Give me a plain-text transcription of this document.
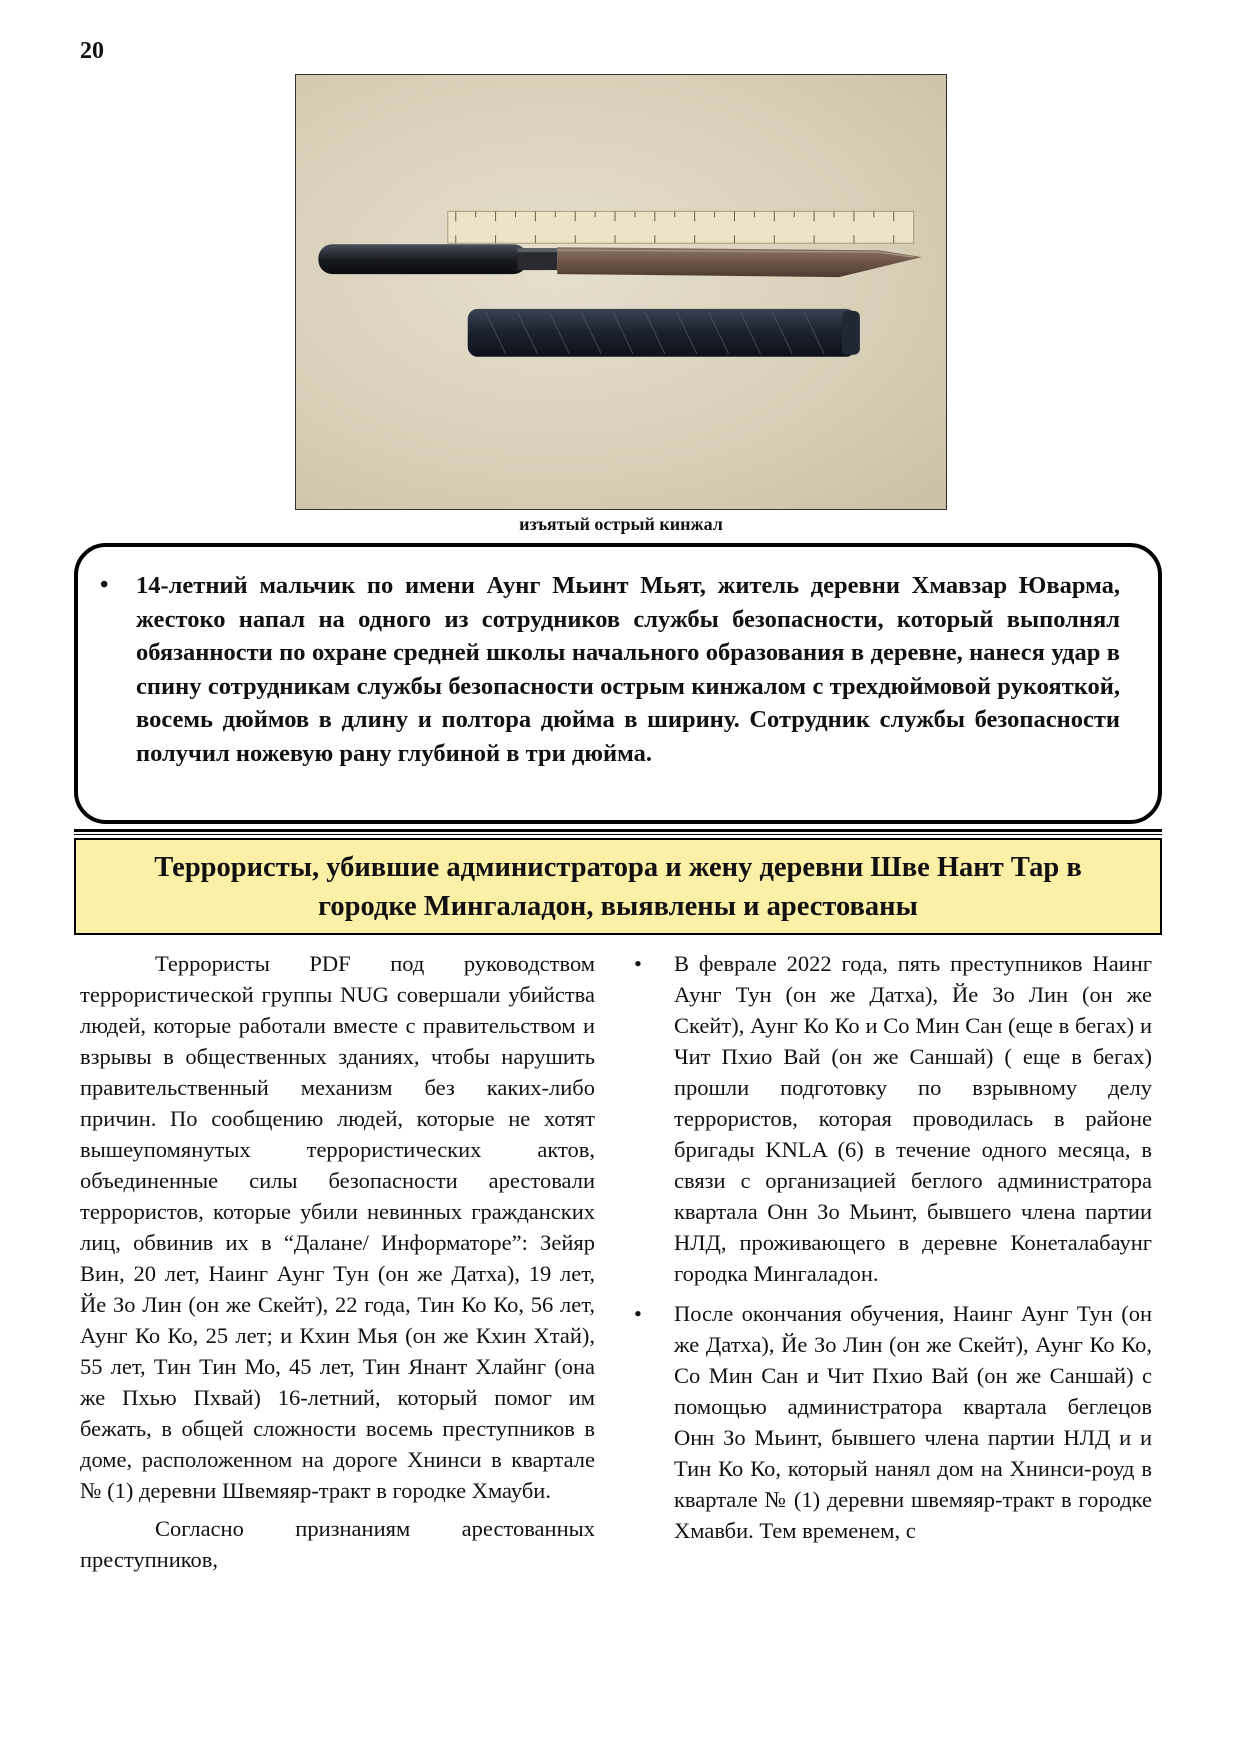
20
изъятый острый кинжал
• 14-летний мальчик по имени Аунг Мьинт Мьят, житель деревни Хмавзар Юварма, жестоко напал на одного из сотрудников службы безопасности, который выполнял обязанности по охране средней школы начального образования в деревне, нанеся удар в спину сотрудникам службы безопасности острым кинжалом с трехдюймовой рукояткой, восемь дюймов в длину и полтора дюйма в ширину. Сотрудник службы безопасности получил ножевую рану глубиной в три дюйма.
Террористы, убившие администратора и жену деревни Шве Нант Тар в городке Мингаладон, выявлены и арестованы

Террористы PDF под руководством террористической группы NUG совершали убийства людей, которые работали вместе с правительством и взрывы в общественных зданиях, чтобы нарушить правительственный механизм без каких-либо причин. По сообщению людей, которые не хотят вышеупомянутых террористических актов, объединенные силы безопасности арестовали террористов, которые убили невинных гражданских лиц, обвинив их в “Далане/ Информаторе”: Зейяр Вин, 20 лет, Наинг Аунг Тун (он же Датха), 19 лет, Йе Зо Лин (он же Скейт), 22 года, Тин Ко Ко, 56 лет, Аунг Ко Ко, 25 лет; и Кхин Мья (он же Кхин Хтай), 55 лет, Тин Тин Мо, 45 лет, Тин Янант Хлайнг (она же Пхью Пхвай) 16-летний, который помог им бежать, в общей сложности восемь преступников в доме, расположенном на дороге Хнинси в квартале № (1) деревни Швемяяр-тракт в городке Хмауби.

Согласно признаниям арестованных преступников,

• В феврале 2022 года, пять преступников Наинг Аунг Тун (он же Датха), Йе Зо Лин (он же Скейт), Аунг Ко Ко и Со Мин Сан (еще в бегах) и Чит Пхио Вай (он же Саншай) ( еще в бегах) прошли подготовку по взрывному делу террористов, которая проводилась в районе бригады KNLA (6) в течение одного месяца, в связи с организацией беглого администратора квартала Онн Зо Мьинт, бывшего члена партии НЛД, проживающего в деревне Конеталабаунг городка Мингаладон.
• После окончания обучения, Наинг Аунг Тун (он же Датха), Йе Зо Лин (он же Скейт), Аунг Ко Ко, Со Мин Сан и Чит Пхио Вай (он же Саншай) с помощью администратора квартала беглецов Онн Зо Мьинт, бывшего члена партии НЛД и и Тин Ко Ко, который нанял дом на Хнинси-роуд в квартале № (1) деревни швемяяр-тракт в городке Хмавби. Тем временем, с
